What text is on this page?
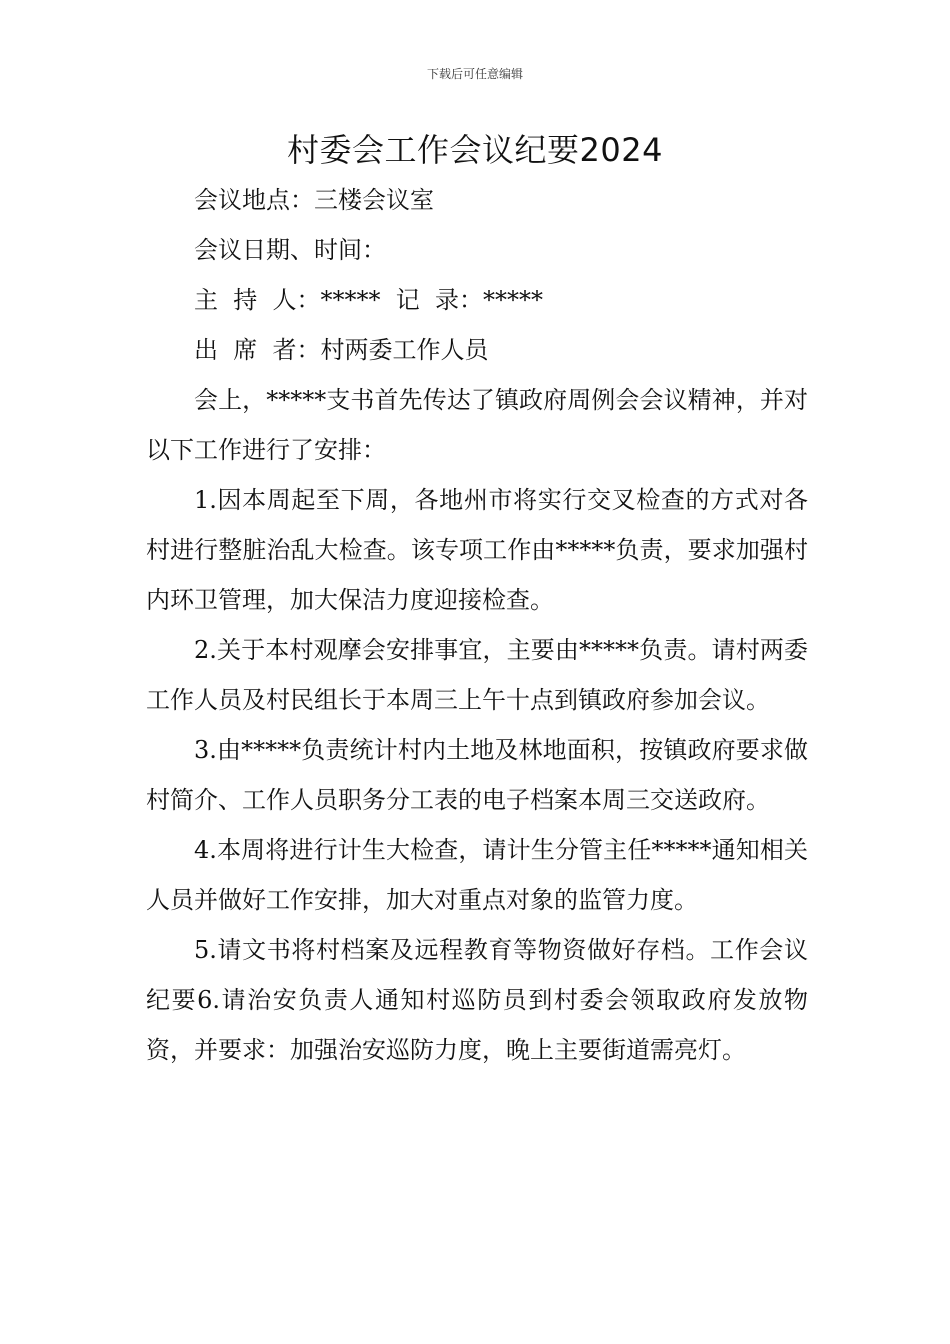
下载后可任意编辑
村委会工作会议纪要2024

会议地点：三楼会议室

会议日期、时间：

主  持  人：*****  记  录：*****

出  席  者：村两委工作人员

会上，*****支书首先传达了镇政府周例会会议精神，并对以下工作进行了安排：

1.因本周起至下周，各地州市将实行交叉检查的方式对各村进行整脏治乱大检查。该专项工作由*****负责，要求加强村内环卫管理，加大保洁力度迎接检查。

2.关于本村观摩会安排事宜，主要由*****负责。请村两委工作人员及村民组长于本周三上午十点到镇政府参加会议。

3.由*****负责统计村内土地及林地面积，按镇政府要求做村简介、工作人员职务分工表的电子档案本周三交送政府。

4.本周将进行计生大检查，请计生分管主任*****通知相关人员并做好工作安排，加大对重点对象的监管力度。

5.请文书将村档案及远程教育等物资做好存档。工作会议纪要6.请治安负责人通知村巡防员到村委会领取政府发放物资，并要求：加强治安巡防力度，晚上主要街道需亮灯。
